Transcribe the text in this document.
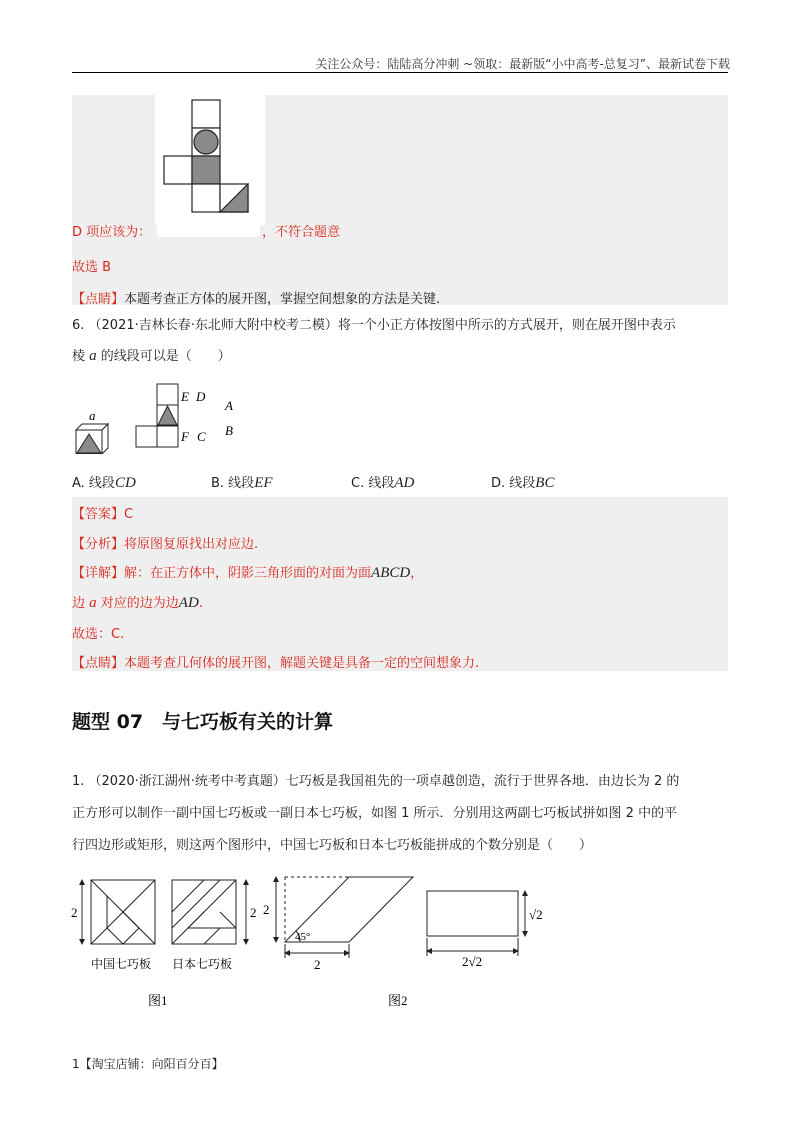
关注公众号：陆陆高分冲刺 ~领取：最新版“小中高考-总复习”、最新试卷下载
D 项应该为：	，不符合题意
故选 B
【点睛】本题考查正方体的展开图，掌握空间想象的方法是关键.
6. （2021·吉林长春·东北师大附中校考二模）将一个小正方体按图中所示的方式展开，则在展开图中表示
棱 a 的线段可以是（　　）
a
E D
A
F C B
A. 线段CD	B. 线段EF	C. 线段AD	D. 线段BC
【答案】C
【分析】将原图复原找出对应边.
【详解】解：在正方体中，阴影三角形面的对面为面ABCD，
边 a 对应的边为边AD.
故选：C.
【点睛】本题考查几何体的展开图，解题关键是具备一定的空间想象力.
题型 07　与七巧板有关的计算
1. （2020·浙江湖州·统考中考真题）七巧板是我国祖先的一项卓越创造，流行于世界各地．由边长为 2 的
正方形可以制作一副中国七巧板或一副日本七巧板，如图 1 所示．分别用这两副七巧板试拼如图 2 中的平
行四边形或矩形，则这两个图形中，中国七巧板和日本七巧板能拼成的个数分别是（　　）
2
中国七巧板
2
日本七巧板
2
45°
2
√2
2√2
图1	图2
1【淘宝店铺：向阳百分百】
